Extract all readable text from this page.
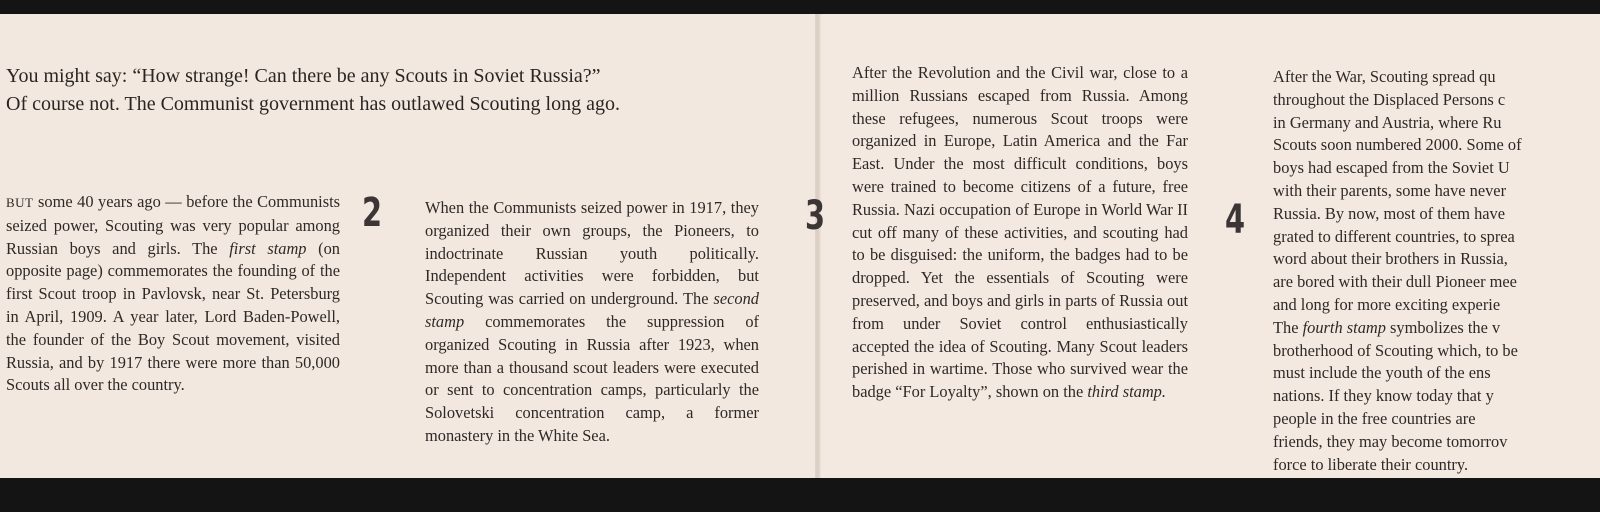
You might say: “How strange! Can there be any Scouts in Soviet Russia?”
Of course not. The Communist government has outlawed Scouting long ago.

BUT some 40 years ago — before the Communists seized power, Scouting was very popular among Russian boys and girls. The first stamp (on opposite page) commemorates the founding of the first Scout troop in Pavlovsk, near St. Petersburg in April, 1909. A year later, Lord Baden-Powell, the founder of the Boy Scout movement, visited Russia, and by 1917 there were more than 50,000 Scouts all over the country.

2	When the Communists seized power in 1917, they organized their own groups, the Pioneers, to indoctrinate Russian youth politically. Independent activities were forbidden, but Scouting was carried on underground. The second stamp commemorates the suppression of organized Scouting in Russia after 1923, when more than a thousand scout leaders were executed or sent to concentration camps, particularly the Solovetski concentration camp, a former monastery in the White Sea.

3

After the Revolution and the Civil war, close to a million Russians escaped from Russia. Among these refugees, numerous Scout troops were organized in Europe, Latin America and the Far East. Under the most difficult conditions, boys were trained to become citizens of a future, free Russia. Nazi occupation of Europe in World War II cut off many of these activities, and scouting had to be disguised: the uniform, the badges had to be dropped. Yet the essentials of Scouting were preserved, and boys and girls in parts of Russia out from under Soviet control enthusiastically accepted the idea of Scouting. Many Scout leaders perished in wartime. Those who survived wear the badge “For Loyalty”, shown on the third stamp.

4
After the War, Scouting spread qu
throughout the Displaced Persons c
in Germany and Austria, where Ru
Scouts soon numbered 2000. Some of
boys had escaped from the Soviet U
with their parents, some have never
Russia. By now, most of them have
grated to different countries, to sprea
word about their brothers in Russia,
are bored with their dull Pioneer mee
and long for more exciting experie
The fourth stamp symbolizes the v
brotherhood of Scouting which, to be
must include the youth of the ens
nations. If they know today that y
people in the free countries are
friends, they may become tomorrov
force to liberate their country.
